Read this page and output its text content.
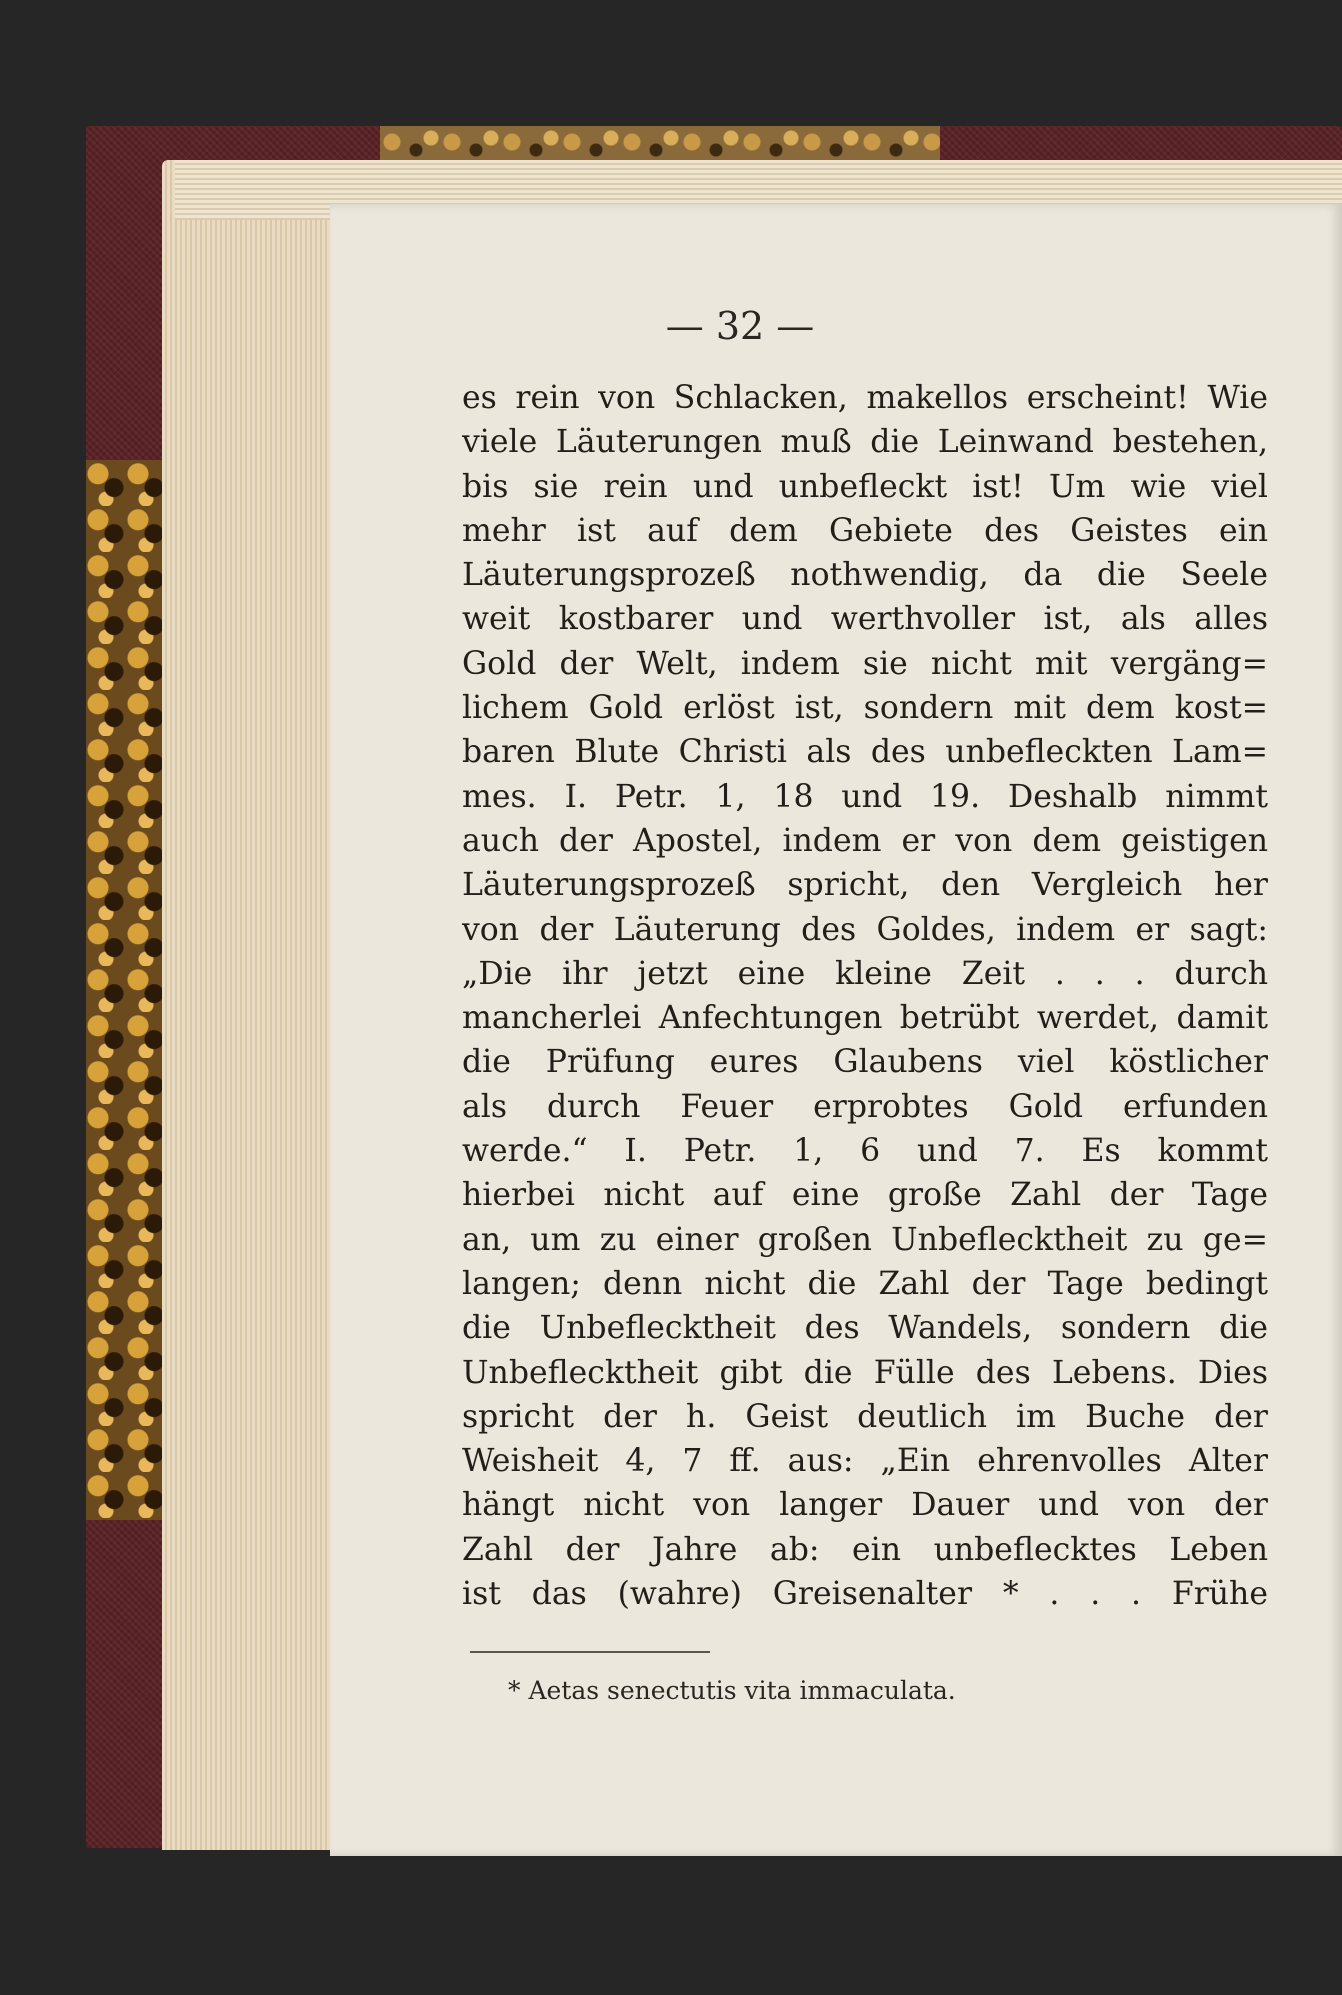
— 32 —
es rein von Schlacken, makellos erscheint! Wie
viele Läuterungen muß die Leinwand bestehen,
bis sie rein und unbefleckt ist! Um wie viel
mehr ist auf dem Gebiete des Geistes ein
Läuterungsprozeß nothwendig, da die Seele
weit kostbarer und werthvoller ist, als alles
Gold der Welt, indem sie nicht mit vergäng=
lichem Gold erlöst ist, sondern mit dem kost=
baren Blute Christi als des unbefleckten Lam=
mes. I. Petr. 1, 18 und 19. Deshalb nimmt
auch der Apostel, indem er von dem geistigen
Läuterungsprozeß spricht, den Vergleich her
von der Läuterung des Goldes, indem er sagt:
„Die ihr jetzt eine kleine Zeit . . . durch
mancherlei Anfechtungen betrübt werdet, damit
die Prüfung eures Glaubens viel köstlicher
als durch Feuer erprobtes Gold erfunden
werde.“ I. Petr. 1, 6 und 7. Es kommt
hierbei nicht auf eine große Zahl der Tage
an, um zu einer großen Unbeflecktheit zu ge=
langen; denn nicht die Zahl der Tage bedingt
die Unbeflecktheit des Wandels, sondern die
Unbeflecktheit gibt die Fülle des Lebens. Dies
spricht der h. Geist deutlich im Buche der
Weisheit 4, 7 ff. aus: „Ein ehrenvolles Alter
hängt nicht von langer Dauer und von der
Zahl der Jahre ab: ein unbeflecktes Leben
ist das (wahre) Greisenalter * . . . Frühe
* Aetas senectutis vita immaculata.
